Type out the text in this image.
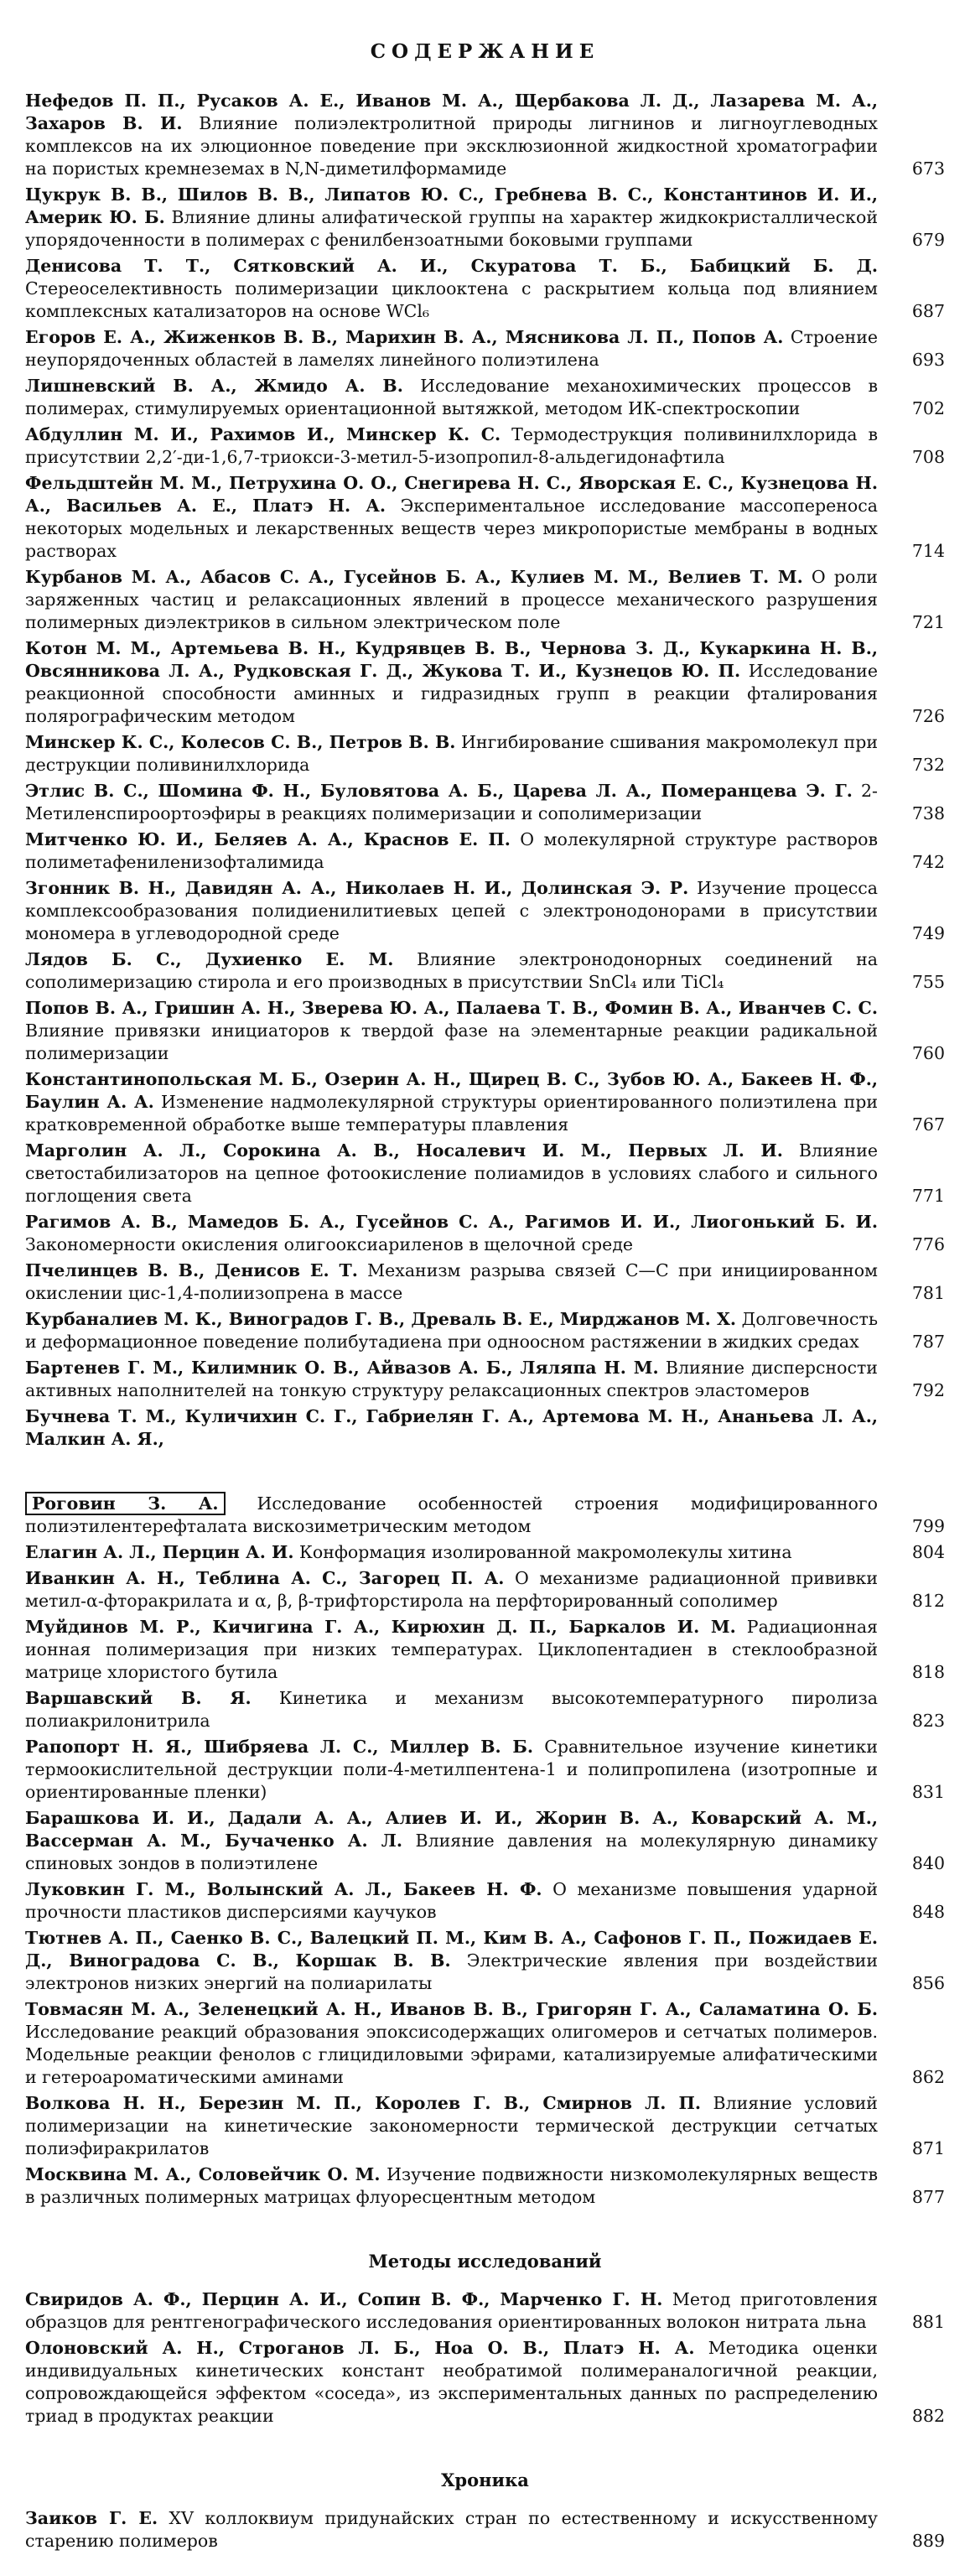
СОДЕРЖАНИЕ
Нефедов П. П., Русаков А. Е., Иванов М. А., Щербакова Л. Д., Лазарева М. А., Захаров В. И. Влияние полиэлектролитной природы лигнинов и лигноуглеводных комплексов на их элюционное поведение при эксклюзионной жидкостной хроматографии на пористых кремнеземах в N,N-диметилформамиде	673
Цукрук В. В., Шилов В. В., Липатов Ю. С., Гребнева В. С., Константинов И. И., Америк Ю. Б. Влияние длины алифатической группы на характер жидкокристаллической упорядоченности в полимерах с фенилбензоатными боковыми группами	679
Денисова Т. Т., Сятковский А. И., Скуратова Т. Б., Бабицкий Б. Д. Стереоселективность полимеризации циклооктена с раскрытием кольца под влиянием комплексных катализаторов на основе WCl₆	687
Егоров Е. А., Жиженков В. В., Марихин В. А., Мясникова Л. П., Попов А. Строение неупорядоченных областей в ламелях линейного полиэтилена	693
Лишневский В. А., Жмидо А. В. Исследование механохимических процессов в полимерах, стимулируемых ориентационной вытяжкой, методом ИК-спектроскопии	702
Абдуллин М. И., Рахимов И., Минскер К. С. Термодеструкция поливинилхлорида в присутствии 2,2′-ди-1,6,7-триокси-3-метил-5-изопропил-8-альдегидонафтила	708
Фельдштейн М. М., Петрухина О. О., Снегирева Н. С., Яворская Е. С., Кузнецова Н. А., Васильев А. Е., Платэ Н. А. Экспериментальное исследование массопереноса некоторых модельных и лекарственных веществ через микропористые мембраны в водных растворах	714
Курбанов М. А., Абасов С. А., Гусейнов Б. А., Кулиев М. М., Велиев Т. М. О роли заряженных частиц и релаксационных явлений в процессе механического разрушения полимерных диэлектриков в сильном электрическом поле	721
Котон М. М., Артемьева В. Н., Кудрявцев В. В., Чернова З. Д., Кукаркина Н. В., Овсянникова Л. А., Рудковская Г. Д., Жукова Т. И., Кузнецов Ю. П. Исследование реакционной способности аминных и гидразидных групп в реакции фталирования полярографическим методом	726
Минскер К. С., Колесов С. В., Петров В. В. Ингибирование сшивания макромолекул при деструкции поливинилхлорида	732
Этлис В. С., Шомина Ф. Н., Буловятова А. Б., Царева Л. А., Померанцева Э. Г. 2-Метиленспироортоэфиры в реакциях полимеризации и сополимеризации	738
Митченко Ю. И., Беляев А. А., Краснов Е. П. О молекулярной структуре растворов полиметафениленизофталимида	742
Згонник В. Н., Давидян А. А., Николаев Н. И., Долинская Э. Р. Изучение процесса комплексообразования полидиенилитиевых цепей с электронодонорами в присутствии мономера в углеводородной среде	749
Лядов Б. С., Духиенко Е. М. Влияние электронодонорных соединений на сополимеризацию стирола и его производных в присутствии SnCl₄ или TiCl₄	755
Попов В. А., Гришин А. Н., Зверева Ю. А., Палаева Т. В., Фомин В. А., Иванчев С. С. Влияние привязки инициаторов к твердой фазе на элементарные реакции радикальной полимеризации	760
Константинопольская М. Б., Озерин А. Н., Щирец В. С., Зубов Ю. А., Бакеев Н. Ф., Баулин А. А. Изменение надмолекулярной структуры ориентированного полиэтилена при кратковременной обработке выше температуры плавления	767
Марголин А. Л., Сорокина А. В., Носалевич И. М., Первых Л. И. Влияние светостабилизаторов на цепное фотоокисление полиамидов в условиях слабого и сильного поглощения света	771
Рагимов А. В., Мамедов Б. А., Гусейнов С. А., Рагимов И. И., Лиогонький Б. И. Закономерности окисления олигооксиариленов в щелочной среде	776
Пчелинцев В. В., Денисов Е. Т. Механизм разрыва связей C—C при инициированном окислении цис-1,4-полиизопрена в массе	781
Курбаналиев М. К., Виноградов Г. В., Древаль В. Е., Мирджанов М. Х. Долговечность и деформационное поведение полибутадиена при одноосном растяжении в жидких средах	787
Бартенев Г. М., Килимник О. В., Айвазов А. Б., Ляляпа Н. М. Влияние дисперсности активных наполнителей на тонкую структуру релаксационных спектров эластомеров	792
Бучнева Т. М., Куличихин С. Г., Габриелян Г. А., Артемова М. Н., Ананьева Л. А., Малкин А. Я.,
Роговин З. А. Исследование особенностей строения модифицированного полиэтилентерефталата вискозиметрическим методом	799
Елагин А. Л., Перцин А. И. Конформация изолированной макромолекулы хитина	804
Иванкин А. Н., Теблина А. С., Загорец П. А. О механизме радиационной прививки метил-α-фторакрилата и α, β, β-трифторстирола на перфторированный сополимер	812
Муйдинов М. Р., Кичигина Г. А., Кирюхин Д. П., Баркалов И. М. Радиационная ионная полимеризация при низких температурах. Циклопентадиен в стеклообразной матрице хлористого бутила	818
Варшавский В. Я. Кинетика и механизм высокотемпературного пиролиза полиакрилонитрила	823
Рапопорт Н. Я., Шибряева Л. С., Миллер В. Б. Сравнительное изучение кинетики термоокислительной деструкции поли-4-метилпентена-1 и полипропилена (изотропные и ориентированные пленки)	831
Барашкова И. И., Дадали А. А., Алиев И. И., Жорин В. А., Коварский А. М., Вассерман А. М., Бучаченко А. Л. Влияние давления на молекулярную динамику спиновых зондов в полиэтилене	840
Луковкин Г. М., Волынский А. Л., Бакеев Н. Ф. О механизме повышения ударной прочности пластиков дисперсиями каучуков	848
Тютнев А. П., Саенко В. С., Валецкий П. М., Ким В. А., Сафонов Г. П., Пожидаев Е. Д., Виноградова С. В., Коршак В. В. Электрические явления при воздействии электронов низких энергий на полиарилаты	856
Товмасян М. А., Зеленецкий А. Н., Иванов В. В., Григорян Г. А., Саламатина О. Б. Исследование реакций образования эпоксисодержащих олигомеров и сетчатых полимеров. Модельные реакции фенолов с глицидиловыми эфирами, катализируемые алифатическими и гетероароматическими аминами	862
Волкова Н. Н., Березин М. П., Королев Г. В., Смирнов Л. П. Влияние условий полимеризации на кинетические закономерности термической деструкции сетчатых полиэфиракрилатов	871
Москвина М. А., Соловейчик О. М. Изучение подвижности низкомолекулярных веществ в различных полимерных матрицах флуоресцентным методом	877
Методы исследований
Свиридов А. Ф., Перцин А. И., Сопин В. Ф., Марченко Г. Н. Метод приготовления образцов для рентгенографического исследования ориентированных волокон нитрата льна	881
Олоновский А. Н., Строганов Л. Б., Ноа О. В., Платэ Н. А. Методика оценки индивидуальных кинетических констант необратимой полимераналогичной реакции, сопровождающейся эффектом «соседа», из экспериментальных данных по распределению триад в продуктах реакции	882
Хроника
Заиков Г. Е. XV коллоквиум придунайских стран по естественному и искусственному старению полимеров	889
